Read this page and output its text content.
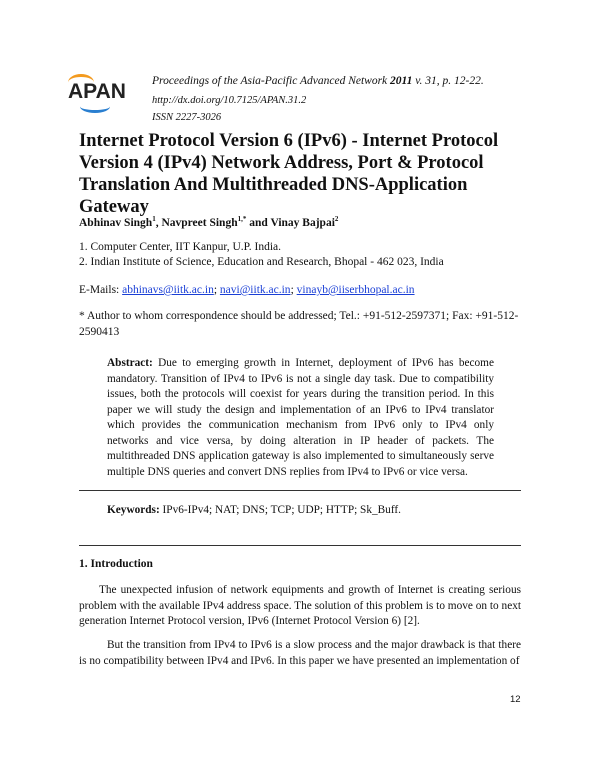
APAN Proceedings of the Asia-Pacific Advanced Network 2011 v. 31, p. 12-22.
http://dx.doi.org/10.7125/APAN.31.2
ISSN 2227-3026
Internet Protocol Version 6 (IPv6) - Internet Protocol Version 4 (IPv4) Network Address, Port & Protocol Translation And Multithreaded DNS-Application Gateway
Abhinav Singh$^1$, Navpreet Singh$^{1,*}$ and Vinay Bajpai$^2$
1. Computer Center, IIT Kanpur, U.P. India.
2. Indian Institute of Science, Education and Research, Bhopal - 462 023, India
E-Mails: abhinavs@iitk.ac.in; navi@iitk.ac.in; vinayb@iiserbhopal.ac.in
* Author to whom correspondence should be addressed; Tel.: +91-512-2597371; Fax: +91-512-2590413
Abstract: Due to emerging growth in Internet, deployment of IPv6 has become mandatory. Transition of IPv4 to IPv6 is not a single day task. Due to compatibility issues, both the protocols will coexist for years during the transition period. In this paper we will study the design and implementation of an IPv6 to IPv4 translator which provides the communication mechanism from IPv6 only to IPv4 only networks and vice versa, by doing alteration in IP header of packets. The multithreaded DNS application gateway is also implemented to simultaneously serve multiple DNS queries and convert DNS replies from IPv4 to IPv6 or vice versa.
Keywords: IPv6-IPv4; NAT; DNS; TCP; UDP; HTTP; Sk_Buff.
1. Introduction
The unexpected infusion of network equipments and growth of Internet is creating serious problem with the available IPv4 address space. The solution of this problem is to move on to next generation Internet Protocol version, IPv6 (Internet Protocol Version 6) [2].
But the transition from IPv4 to IPv6 is a slow process and the major drawback is that there is no compatibility between IPv4 and IPv6. In this paper we have presented an implementation of
12
